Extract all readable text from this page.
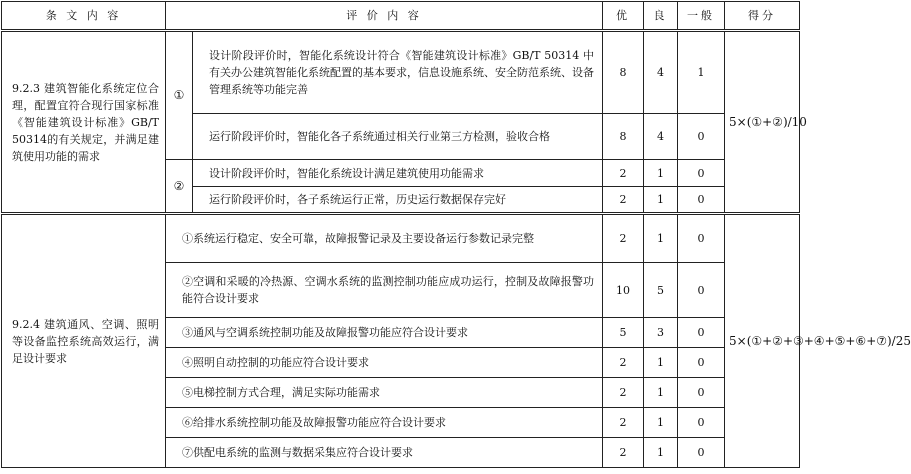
条 文 内 容	评 价 内 容		优	良	一般	得分
9.2.3 建筑智能化系统定位合理，配置宜符合现行国家标准《智能建筑设计标准》GB/T 50314的有关规定，并满足建筑使用功能的需求	①	设计阶段评价时，智能化系统设计符合《智能建筑设计标准》GB/T 50314 中有关办公建筑智能化系统配置的基本要求，信息设施系统、安全防范系统、设备管理系统等功能完善	8	4	1	5×(①+②)/10
		运行阶段评价时，智能化各子系统通过相关行业第三方检测，验收合格	8	4	0	
	②	设计阶段评价时，智能化系统设计满足建筑使用功能需求	2	1	0	
		运行阶段评价时，各子系统运行正常，历史运行数据保存完好	2	1	0	
9.2.4 建筑通风、空调、照明等设备监控系统高效运行，满足设计要求	①系统运行稳定、安全可靠，故障报警记录及主要设备运行参数记录完整		2	1	0	5×(①+②+③+④+⑤+⑥+⑦)/25
	②空调和采暖的冷热源、空调水系统的监测控制功能应成功运行，控制及故障报警功能符合设计要求		10	5	0	
	③通风与空调系统控制功能及故障报警功能应符合设计要求		5	3	0	
	④照明自动控制的功能应符合设计要求		2	1	0	
	⑤电梯控制方式合理，满足实际功能需求		2	1	0	
	⑥给排水系统控制功能及故障报警功能应符合设计要求		2	1	0	
	⑦供配电系统的监测与数据采集应符合设计要求		2	1	0	
